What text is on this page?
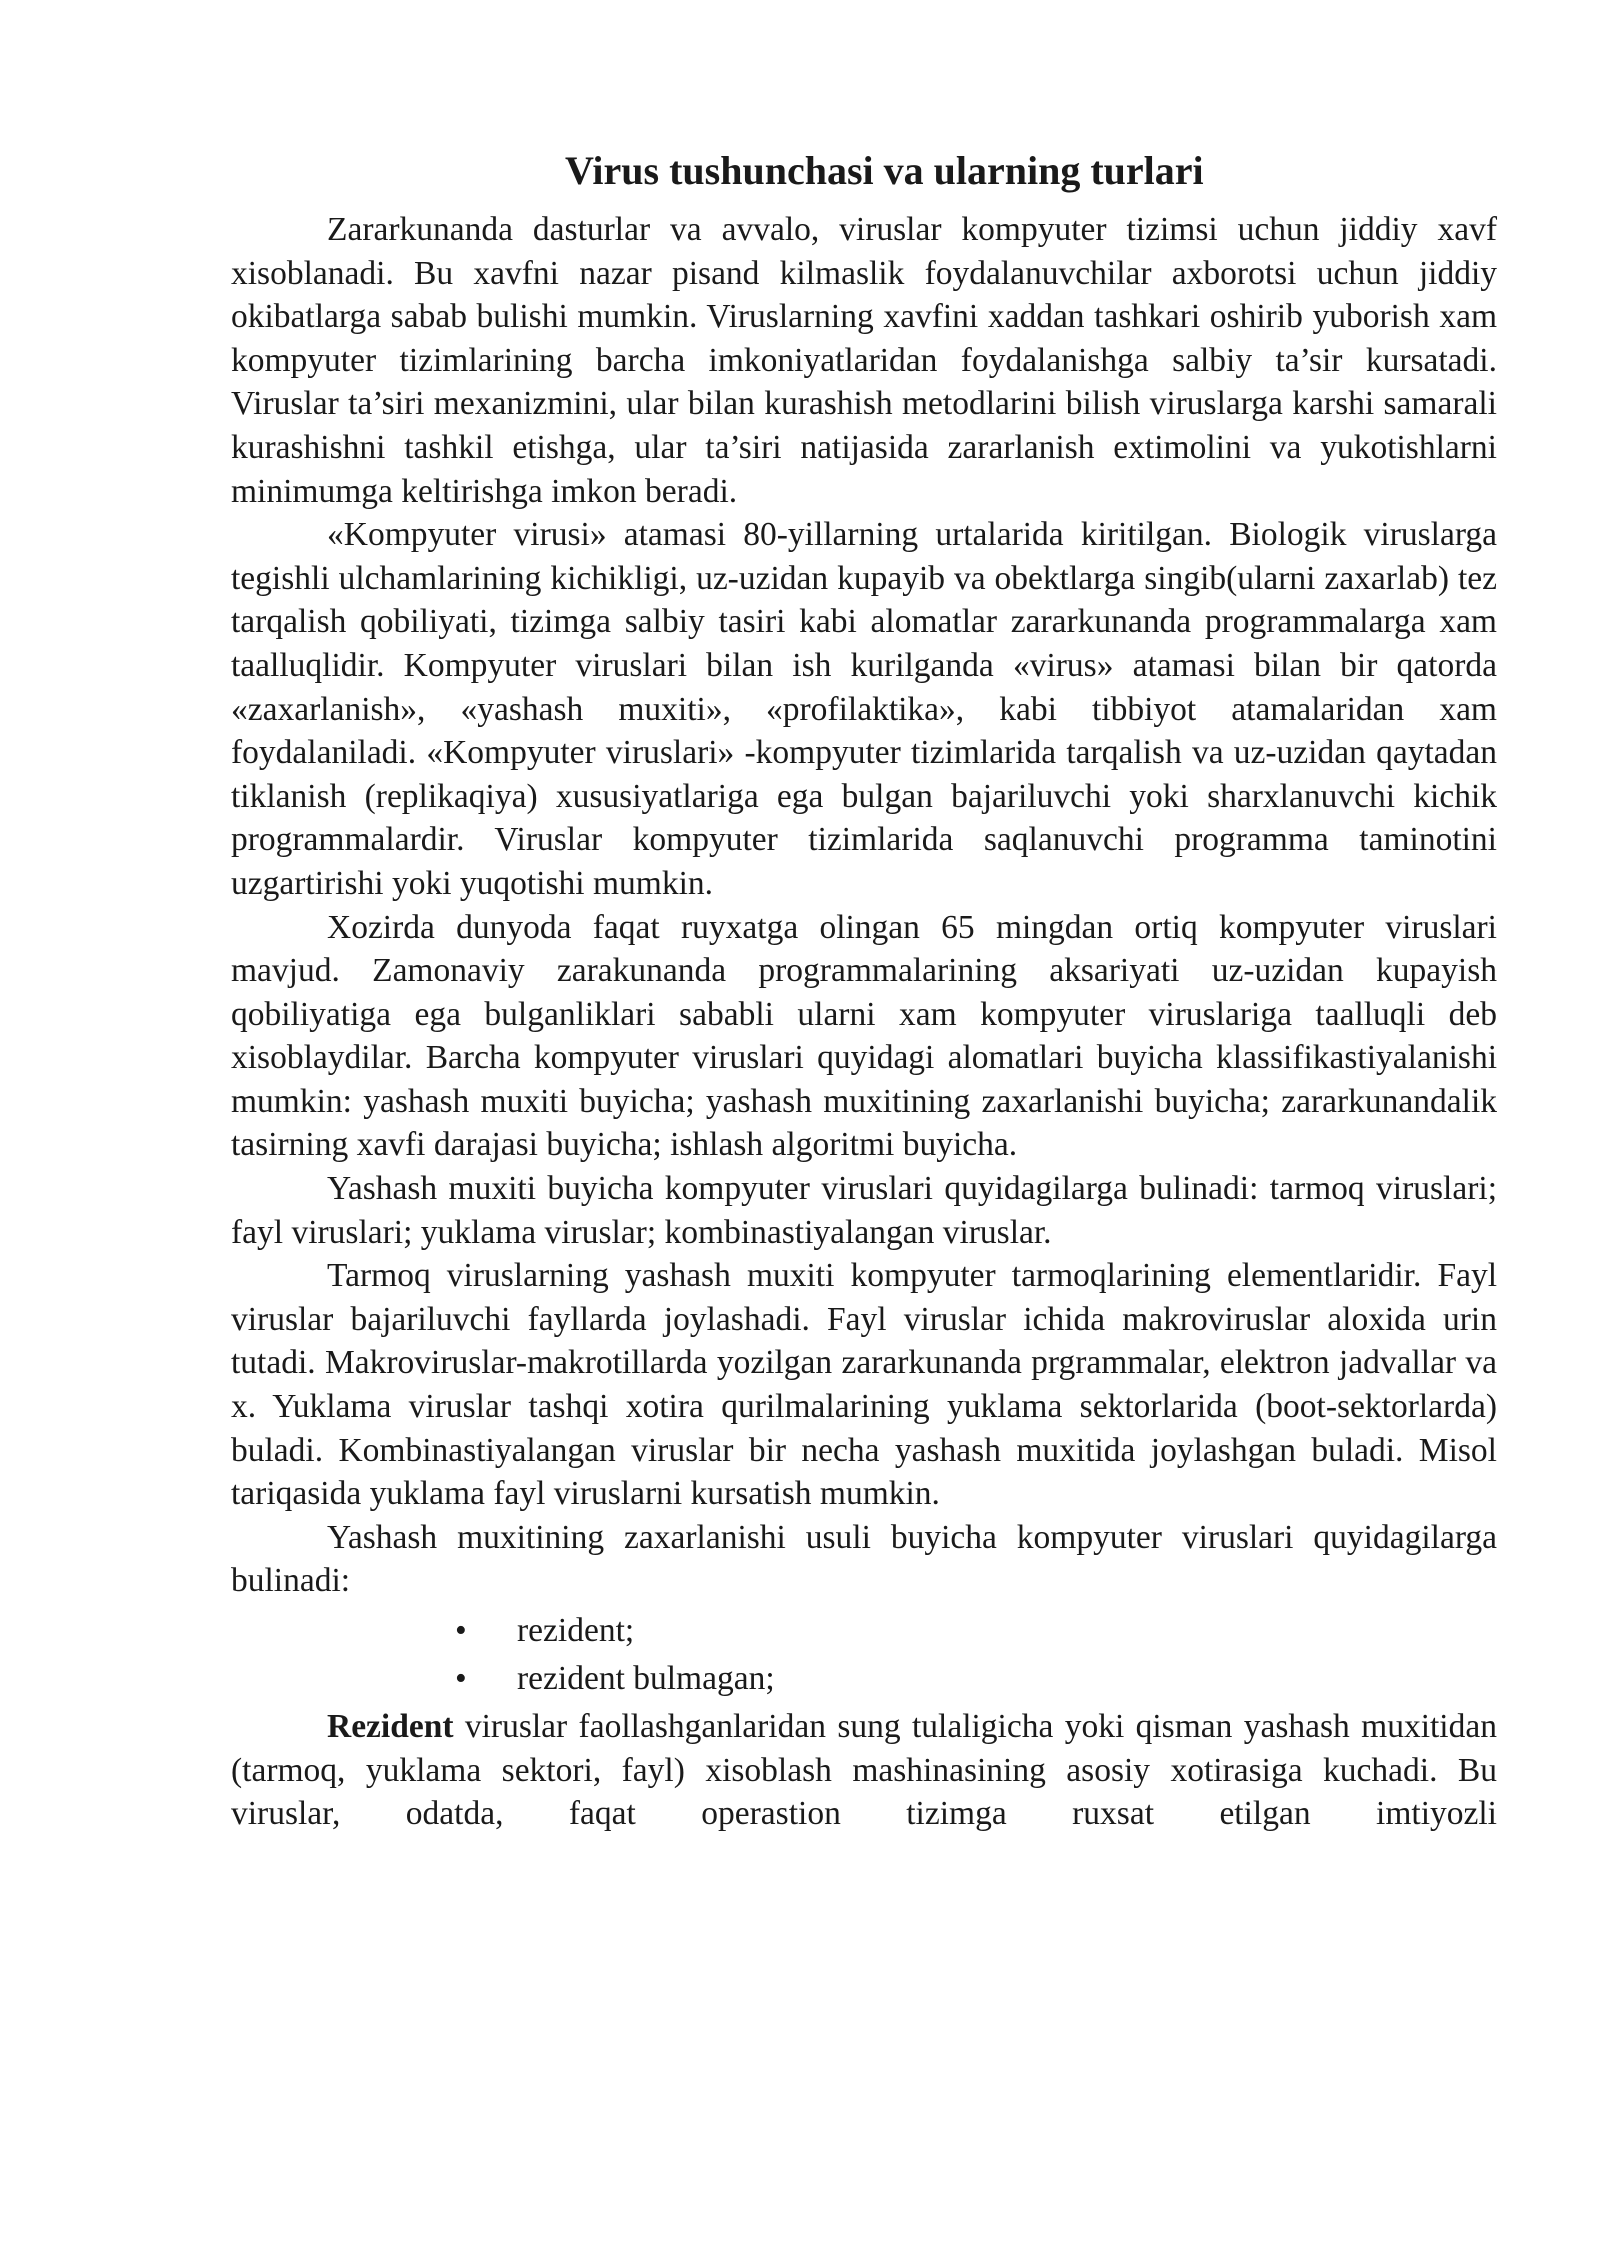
Virus tushunchasi va ularning turlari

Zararkunanda dasturlar va avvalo, viruslar kompyuter tizimsi uchun jiddiy xavf xisoblanadi. Bu xavfni nazar pisand kilmaslik foydalanuvchilar axborotsi uchun jiddiy okibatlarga sabab bulishi mumkin. Viruslarning xavfini xaddan tashkari oshirib yuborish xam kompyuter tizimlarining barcha imkoniyatlaridan foydalanishga salbiy ta’sir kursatadi. Viruslar ta’siri mexanizmini, ular bilan kurashish metodlarini bilish viruslarga karshi samarali kurashishni tashkil etishga, ular ta’siri natijasida zararlanish extimolini va yukotishlarni minimumga keltirishga imkon beradi.

«Kompyuter virusi» atamasi 80-yillarning urtalarida kiritilgan. Biologik viruslarga tegishli ulchamlarining kichikligi, uz-uzidan kupayib va obektlarga singib(ularni zaxarlab) tez tarqalish qobiliyati, tizimga salbiy tasiri kabi alomatlar zararkunanda programmalarga xam taalluqlidir. Kompyuter viruslari bilan ish kurilganda «virus» atamasi bilan bir qatorda «zaxarlanish», «yashash muxiti», «profilaktika», kabi tibbiyot atamalaridan xam foydalaniladi. «Kompyuter viruslari» -kompyuter tizimlarida tarqalish va uz-uzidan qaytadan tiklanish (replikaqiya) xususiyatlariga ega bulgan bajariluvchi yoki sharxlanuvchi kichik programmalardir. Viruslar kompyuter tizimlarida saqlanuvchi programma taminotini uzgartirishi yoki yuqotishi mumkin.

Xozirda dunyoda faqat ruyxatga olingan 65 mingdan ortiq kompyuter viruslari mavjud. Zamonaviy zarakunanda programmalarining aksariyati uz-uzidan kupayish qobiliyatiga ega bulganliklari sababli ularni xam kompyuter viruslariga taalluqli deb xisoblaydilar. Barcha kompyuter viruslari quyidagi alomatlari buyicha klassifikastiyalanishi mumkin: yashash muxiti buyicha; yashash muxitining zaxarlanishi buyicha; zararkunandalik tasirning xavfi darajasi buyicha; ishlash algoritmi buyicha.

Yashash muxiti buyicha kompyuter viruslari quyidagilarga bulinadi: tarmoq viruslari; fayl viruslari; yuklama viruslar; kombinastiyalangan viruslar.

Tarmoq viruslarning yashash muxiti kompyuter tarmoqlarining elementlaridir. Fayl viruslar bajariluvchi fayllarda joylashadi. Fayl viruslar ichida makroviruslar aloxida urin tutadi. Makroviruslar-makrotillarda yozilgan zararkunanda prgrammalar, elektron jadvallar va x. Yuklama viruslar tashqi xotira qurilmalarining yuklama sektorlarida (boot-sektorlarda) buladi. Kombinastiyalangan viruslar bir necha yashash muxitida joylashgan buladi. Misol tariqasida yuklama fayl viruslarni kursatish mumkin.

Yashash muxitining zaxarlanishi usuli buyicha kompyuter viruslari quyidagilarga bulinadi:

• rezident;
• rezident bulmagan;

Rezident viruslar faollashganlaridan sung tulaligicha yoki qisman yashash muxitidan (tarmoq, yuklama sektori, fayl) xisoblash mashinasining asosiy xotirasiga kuchadi. Bu viruslar, odatda, faqat operastion tizimga ruxsat etilgan imtiyozli
